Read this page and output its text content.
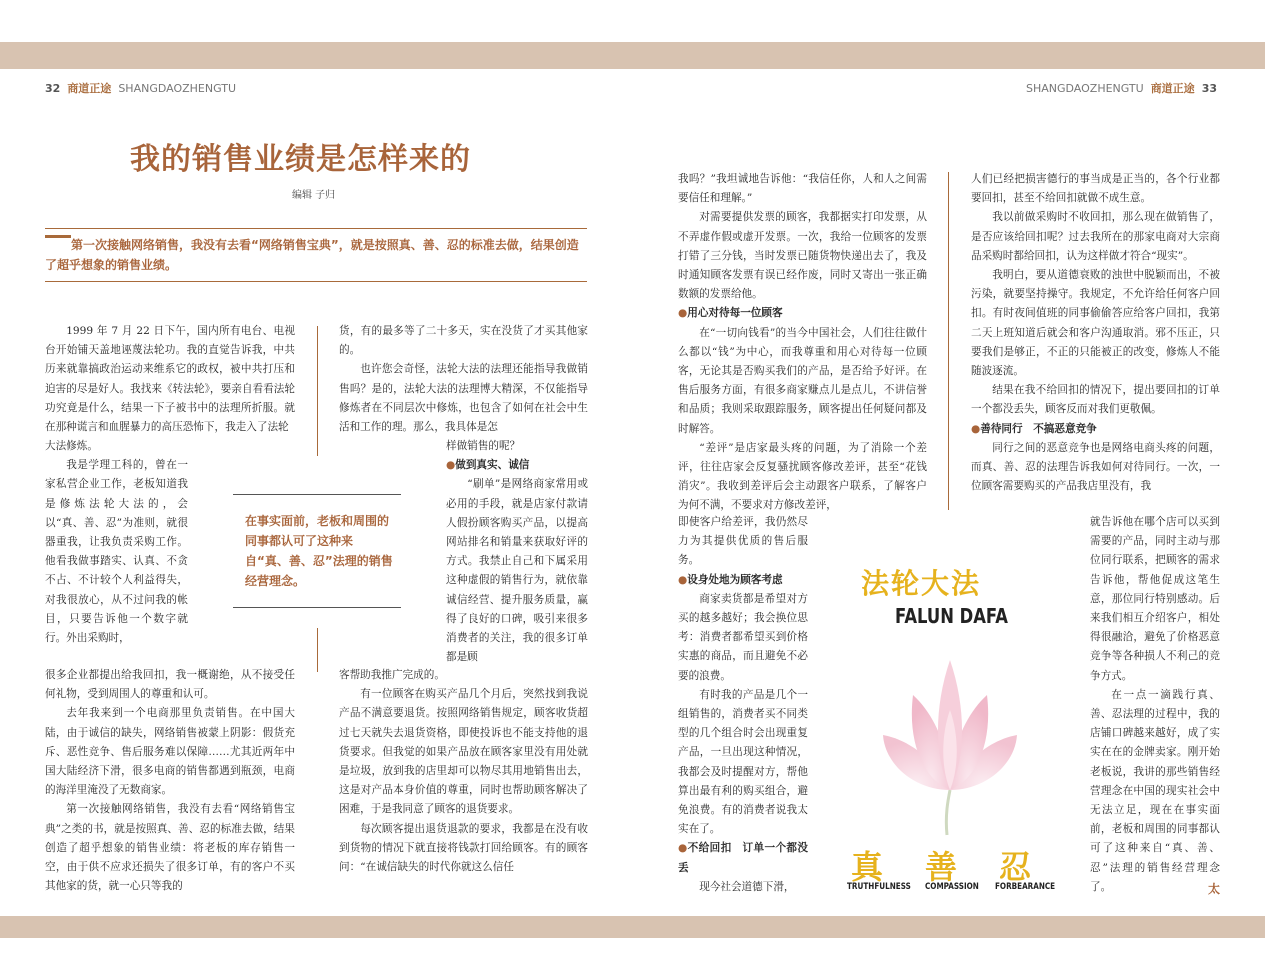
32 商道正途 SHANGDAOZHENGTU	SHANGDAOZHENGTU 商道正途 33
我的销售业绩是怎样来的
编辑 子归
第一次接触网络销售，我没有去看“网络销售宝典”，就是按照真、善、忍的标准去做，结果创造了超乎想象的销售业绩。

1999 年 7 月 22 日下午，国内所有电台、电视台开始铺天盖地诬蔑法轮功。我的直觉告诉我，中共历来就靠搞政治运动来维系它的政权，被中共打压和迫害的尽是好人。我找来《转法轮》，要亲自看看法轮功究竟是什么，结果一下子被书中的法理所折服。就在那种谎言和血腥暴力的高压恐怖下，我走入了法轮

大法修炼。

我是学理工科的，曾在一家私营企业工作，老板知道我是修炼法轮大法的，会以“真、善、忍”为准则，就很器重我，让我负责采购工作。他看我做事踏实、认真、不贪不占、不计较个人利益得失，对我很放心，从不过问我的帐目，只要告诉他一个数字就行。外出采购时，

很多企业都提出给我回扣，我一概谢绝，从不接受任何礼物，受到周围人的尊重和认可。

去年我来到一个电商那里负责销售。在中国大陆，由于诚信的缺失，网络销售被蒙上阴影：假货充斥、恶性竞争、售后服务难以保障……尤其近两年中国大陆经济下滑，很多电商的销售都遇到瓶颈，电商的海洋里淹没了无数商家。

第一次接触网络销售，我没有去看“网络销售宝典”之类的书，就是按照真、善、忍的标准去做，结果创造了超乎想象的销售业绩：将老板的库存销售一空，由于供不应求还损失了很多订单，有的客户不买其他家的货，就一心只等我的

在事实面前，老板和周围的同事都认可了这种来自“真、善、忍”法理的销售经营理念。

货，有的最多等了二十多天，实在没货了才买其他家的。

也许您会奇怪，法轮大法的法理还能指导我做销售吗？是的，法轮大法的法理博大精深，不仅能指导修炼者在不同层次中修炼，也包含了如何在社会中生活和工作的理。那么，我具体是怎

样做销售的呢？

●做到真实、诚信

“刷单”是网络商家常用或必用的手段，就是店家付款请人假扮顾客购买产品，以提高网站排名和销量来获取好评的方式。我禁止自己和下属采用这种虚假的销售行为，就依靠诚信经营、提升服务质量，赢得了良好的口碑，吸引来很多消费者的关注，我的很多订单都是顾

客帮助我推广完成的。

有一位顾客在购买产品几个月后，突然找到我说产品不满意要退货。按照网络销售规定，顾客收货超过七天就失去退货资格，即使投诉也不能支持他的退货要求。但我觉的如果产品放在顾客家里没有用处就是垃圾，放到我的店里却可以物尽其用地销售出去，这是对产品本身价值的尊重，同时也帮助顾客解决了困难，于是我同意了顾客的退货要求。

每次顾客提出退货退款的要求，我都是在没有收到货物的情况下就直接将钱款打回给顾客。有的顾客问：“在诚信缺失的时代你就这么信任

我吗？”我坦诚地告诉他：“我信任你，人和人之间需要信任和理解。”

对需要提供发票的顾客，我都据实打印发票，从不弄虚作假或虚开发票。一次，我给一位顾客的发票打错了三分钱，当时发票已随货物快递出去了，我及时通知顾客发票有误已经作废，同时又寄出一张正确数额的发票给他。

●用心对待每一位顾客

在“一切向钱看”的当今中国社会，人们往往做什么都以“钱”为中心，而我尊重和用心对待每一位顾客，无论其是否购买我们的产品，是否给予好评。在售后服务方面，有很多商家赚点儿是点儿，不讲信誉和品质；我则采取跟踪服务，顾客提出任何疑问都及时解答。

“差评”是店家最头疼的问题，为了消除一个差评，往往店家会反复骚扰顾客修改差评，甚至“花钱消灾”。我收到差评后会主动跟客户联系，了解客户为何不满，不要求对方修改差评，

即使客户给差评，我仍然尽力为其提供优质的售后服务。

●设身处地为顾客考虑

商家卖货都是希望对方买的越多越好；我会换位思考：消费者都希望买到价格实惠的商品，而且避免不必要的浪费。

有时我的产品是几个一组销售的，消费者买不同类型的几个组合时会出现重复产品，一旦出现这种情况，我都会及时提醒对方，帮他算出最有利的购买组合，避免浪费。有的消费者说我太实在了。

●不给回扣　订单一个都没丢

现今社会道德下滑，

人们已经把损害德行的事当成是正当的，各个行业都要回扣，甚至不给回扣就做不成生意。

我以前做采购时不收回扣，那么现在做销售了，是否应该给回扣呢？过去我所在的那家电商对大宗商品采购时都给回扣，认为这样做才符合“现实”。

我明白，要从道德衰败的浊世中脱颖而出，不被污染，就要坚持操守。我规定，不允许给任何客户回扣。有时夜间值班的同事偷偷答应给客户回扣，我第二天上班知道后就会和客户沟通取消。邪不压正，只要我们是够正，不正的只能被正的改变，修炼人不能随波逐流。

结果在我不给回扣的情况下，提出要回扣的订单一个都没丢失，顾客反而对我们更敬佩。

●善待同行　不搞恶意竞争

同行之间的恶意竞争也是网络电商头疼的问题，而真、善、忍的法理告诉我如何对待同行。一次，一位顾客需要购买的产品我店里没有，我

就告诉他在哪个店可以买到需要的产品，同时主动与那位同行联系，把顾客的需求告诉他，帮他促成这笔生意，那位同行特别感动。后来我们相互介绍客户，相处得很融洽，避免了价格恶意竞争等各种损人不利己的竞争方式。

在一点一滴践行真、善、忍法理的过程中，我的店铺口碑越来越好，成了实实在在的金牌卖家。刚开始老板说，我讲的那些销售经营理念在中国的现实社会中无法立足，现在在事实面前，老板和周围的同事都认可了这种来自“真、善、忍”法理的销售经营理念了。	太
法轮大法
FALUN DAFA
真 善 忍
TRUTHFULNESS COMPASSION FORBEARANCE
